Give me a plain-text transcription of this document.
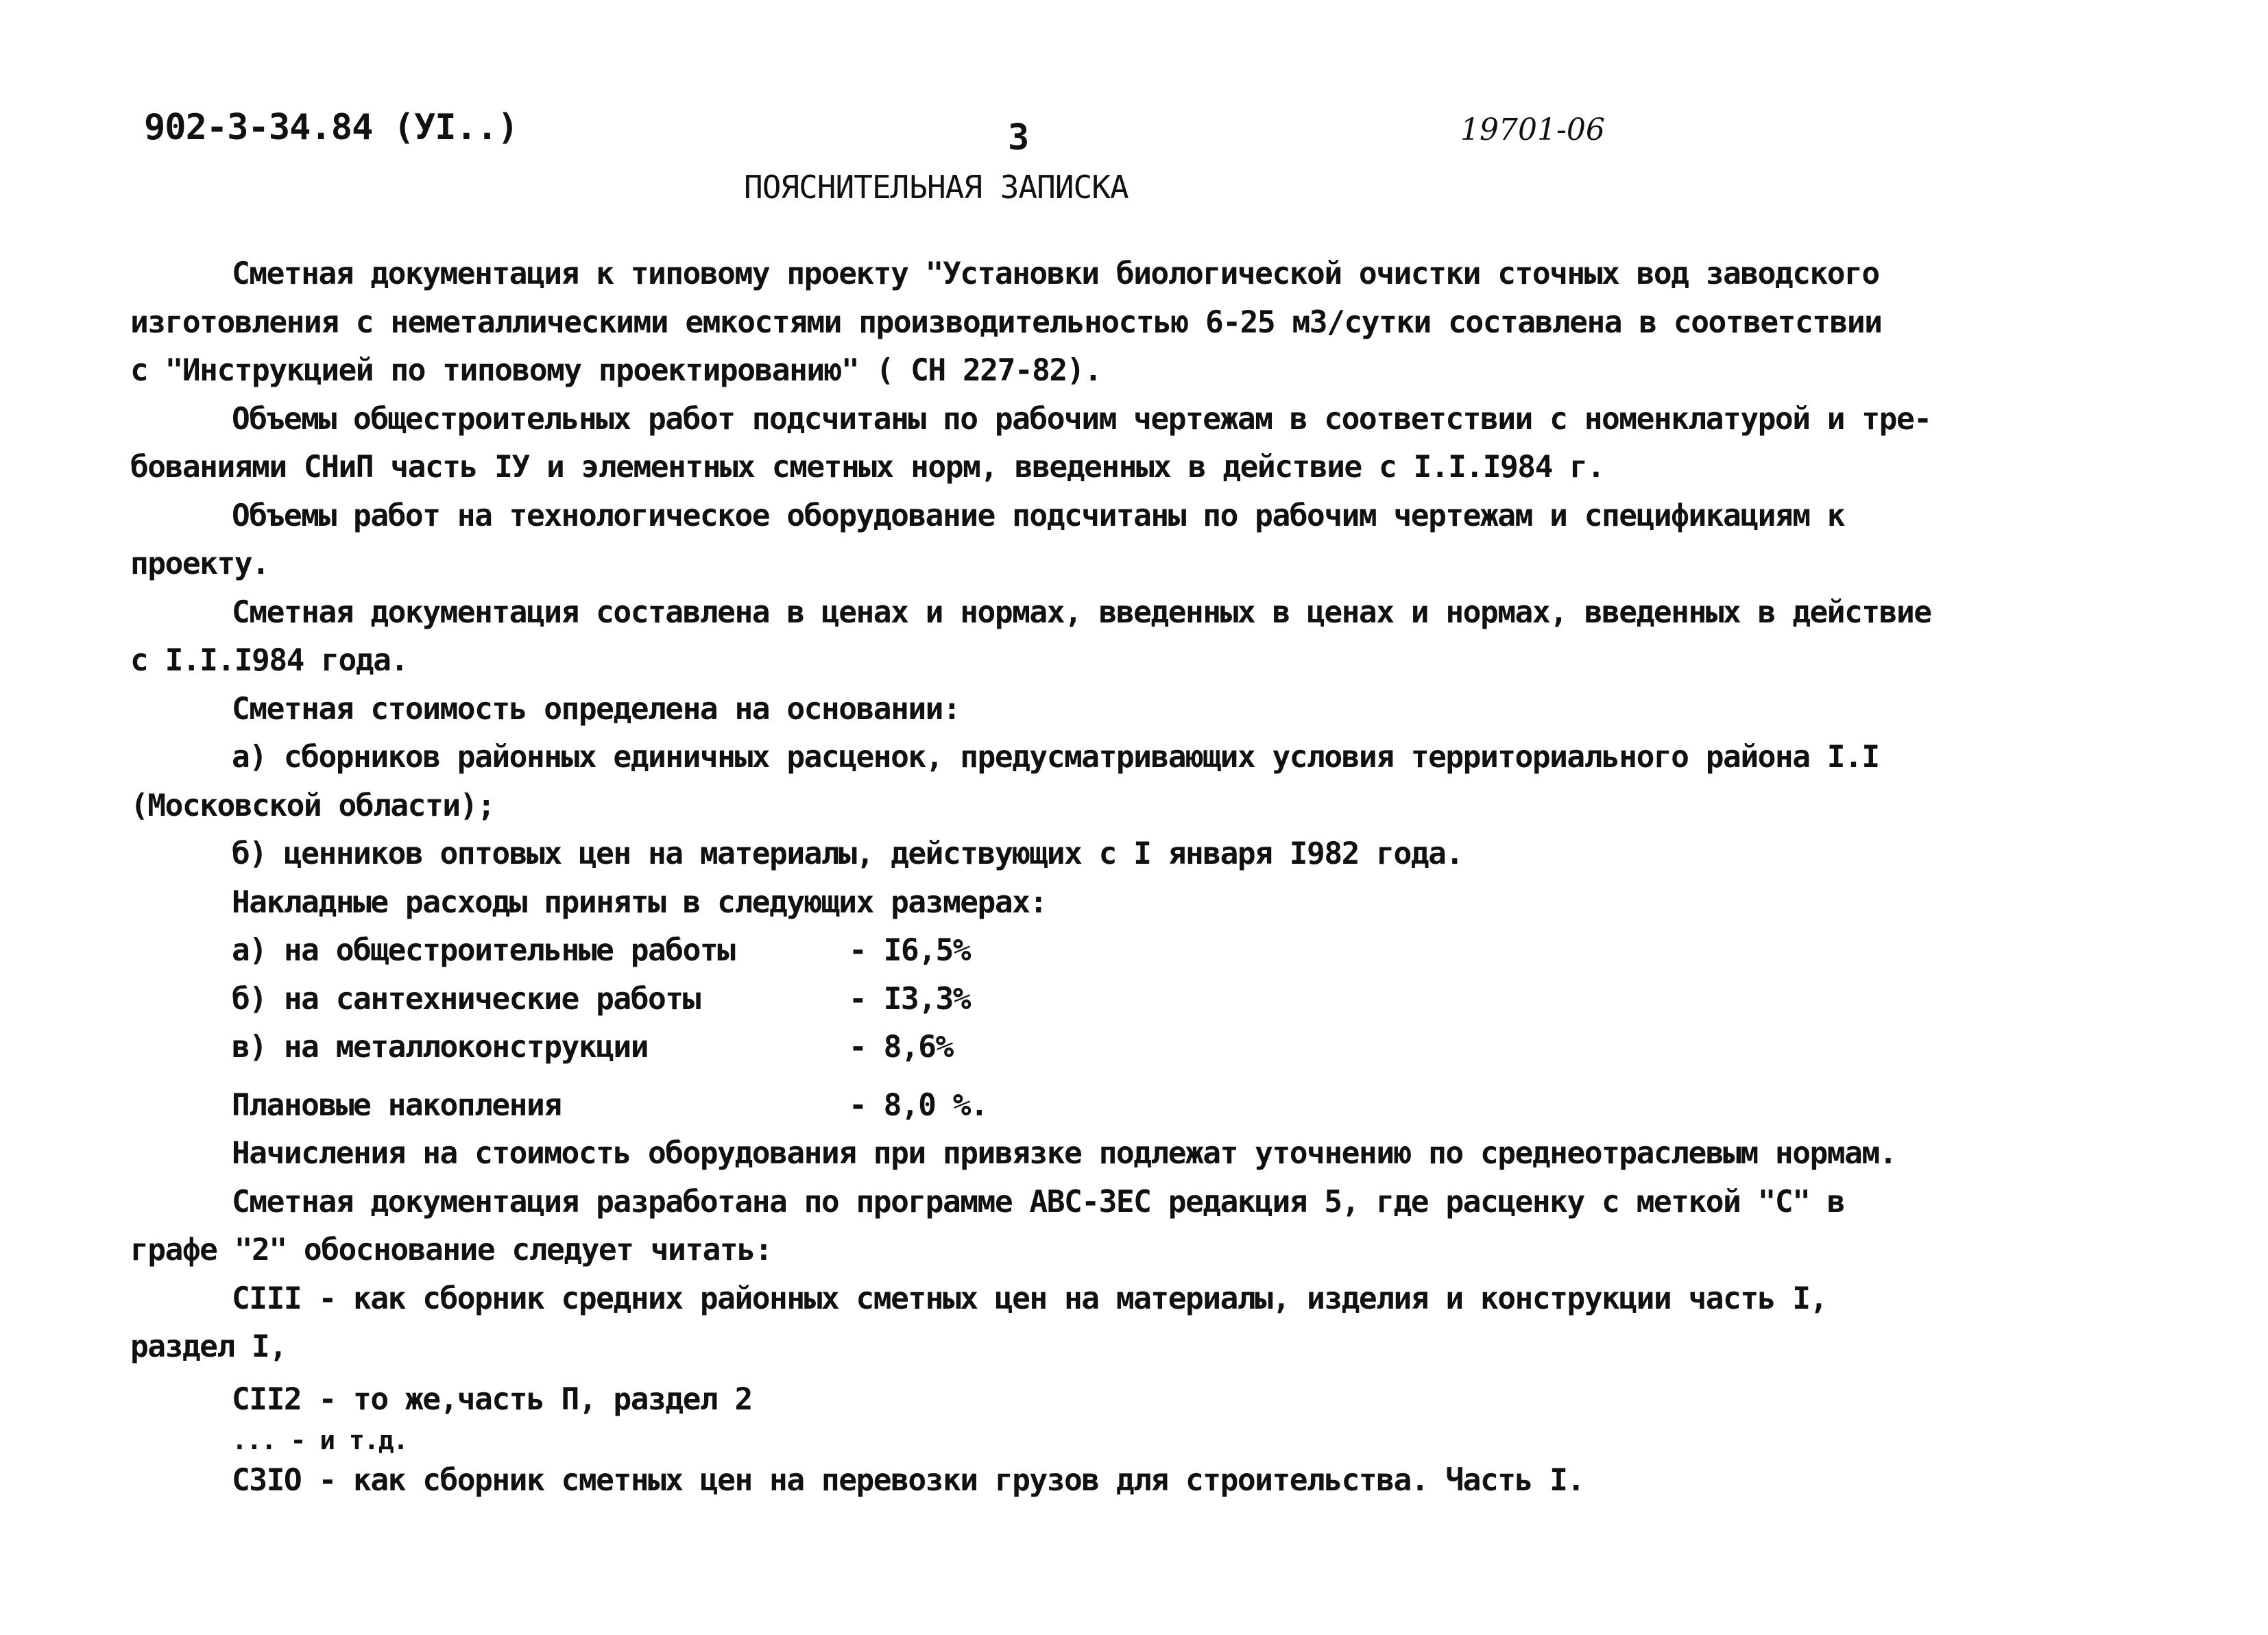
902-3-34.84 (УI..)	3	19701-06
ПОЯСНИТЕЛЬНАЯ ЗАПИСКА
Сметная документация к типовому проекту "Установки биологической очистки сточных вод заводского
изготовления с неметаллическими емкостями производительностью 6-25 м3/сутки составлена в соответствии
с "Инструкцией по типовому проектированию" ( СН 227-82).
Объемы общестроительных работ подсчитаны по рабочим чертежам в соответствии с номенклатурой и тре-
бованиями СНиП часть IУ и элементных сметных норм, введенных в действие с I.I.I984 г.
Объемы работ на технологическое оборудование подсчитаны по рабочим чертежам и спецификациям к
проекту.
Сметная документация составлена в ценах и нормах, введенных в ценах и нормах, введенных в действие
с I.I.I984 года.
Сметная стоимость определена на основании:
а) сборников районных единичных расценок, предусматривающих условия территориального района I.I
(Московской области);
б) ценников оптовых цен на материалы, действующих с I января I982 года.
Накладные расходы приняты в следующих размерах:
а) на общестроительные работы	- I6,5%
б) на сантехнические работы	- I3,3%
в) на металлоконструкции	- 8,6%
Плановые накопления	- 8,0 %.
Начисления на стоимость оборудования при привязке подлежат уточнению по среднеотраслевым нормам.
Сметная документация разработана по программе АВС-ЗЕС редакция 5, где расценку с меткой "С" в
графе "2" обоснование следует читать:
СIII - как сборник средних районных сметных цен на материалы, изделия и конструкции часть I,
раздел I,
СII2 - то же,часть П, раздел 2
... - и т.д.
СЗIО - как сборник сметных цен на перевозки грузов для строительства. Часть I.
